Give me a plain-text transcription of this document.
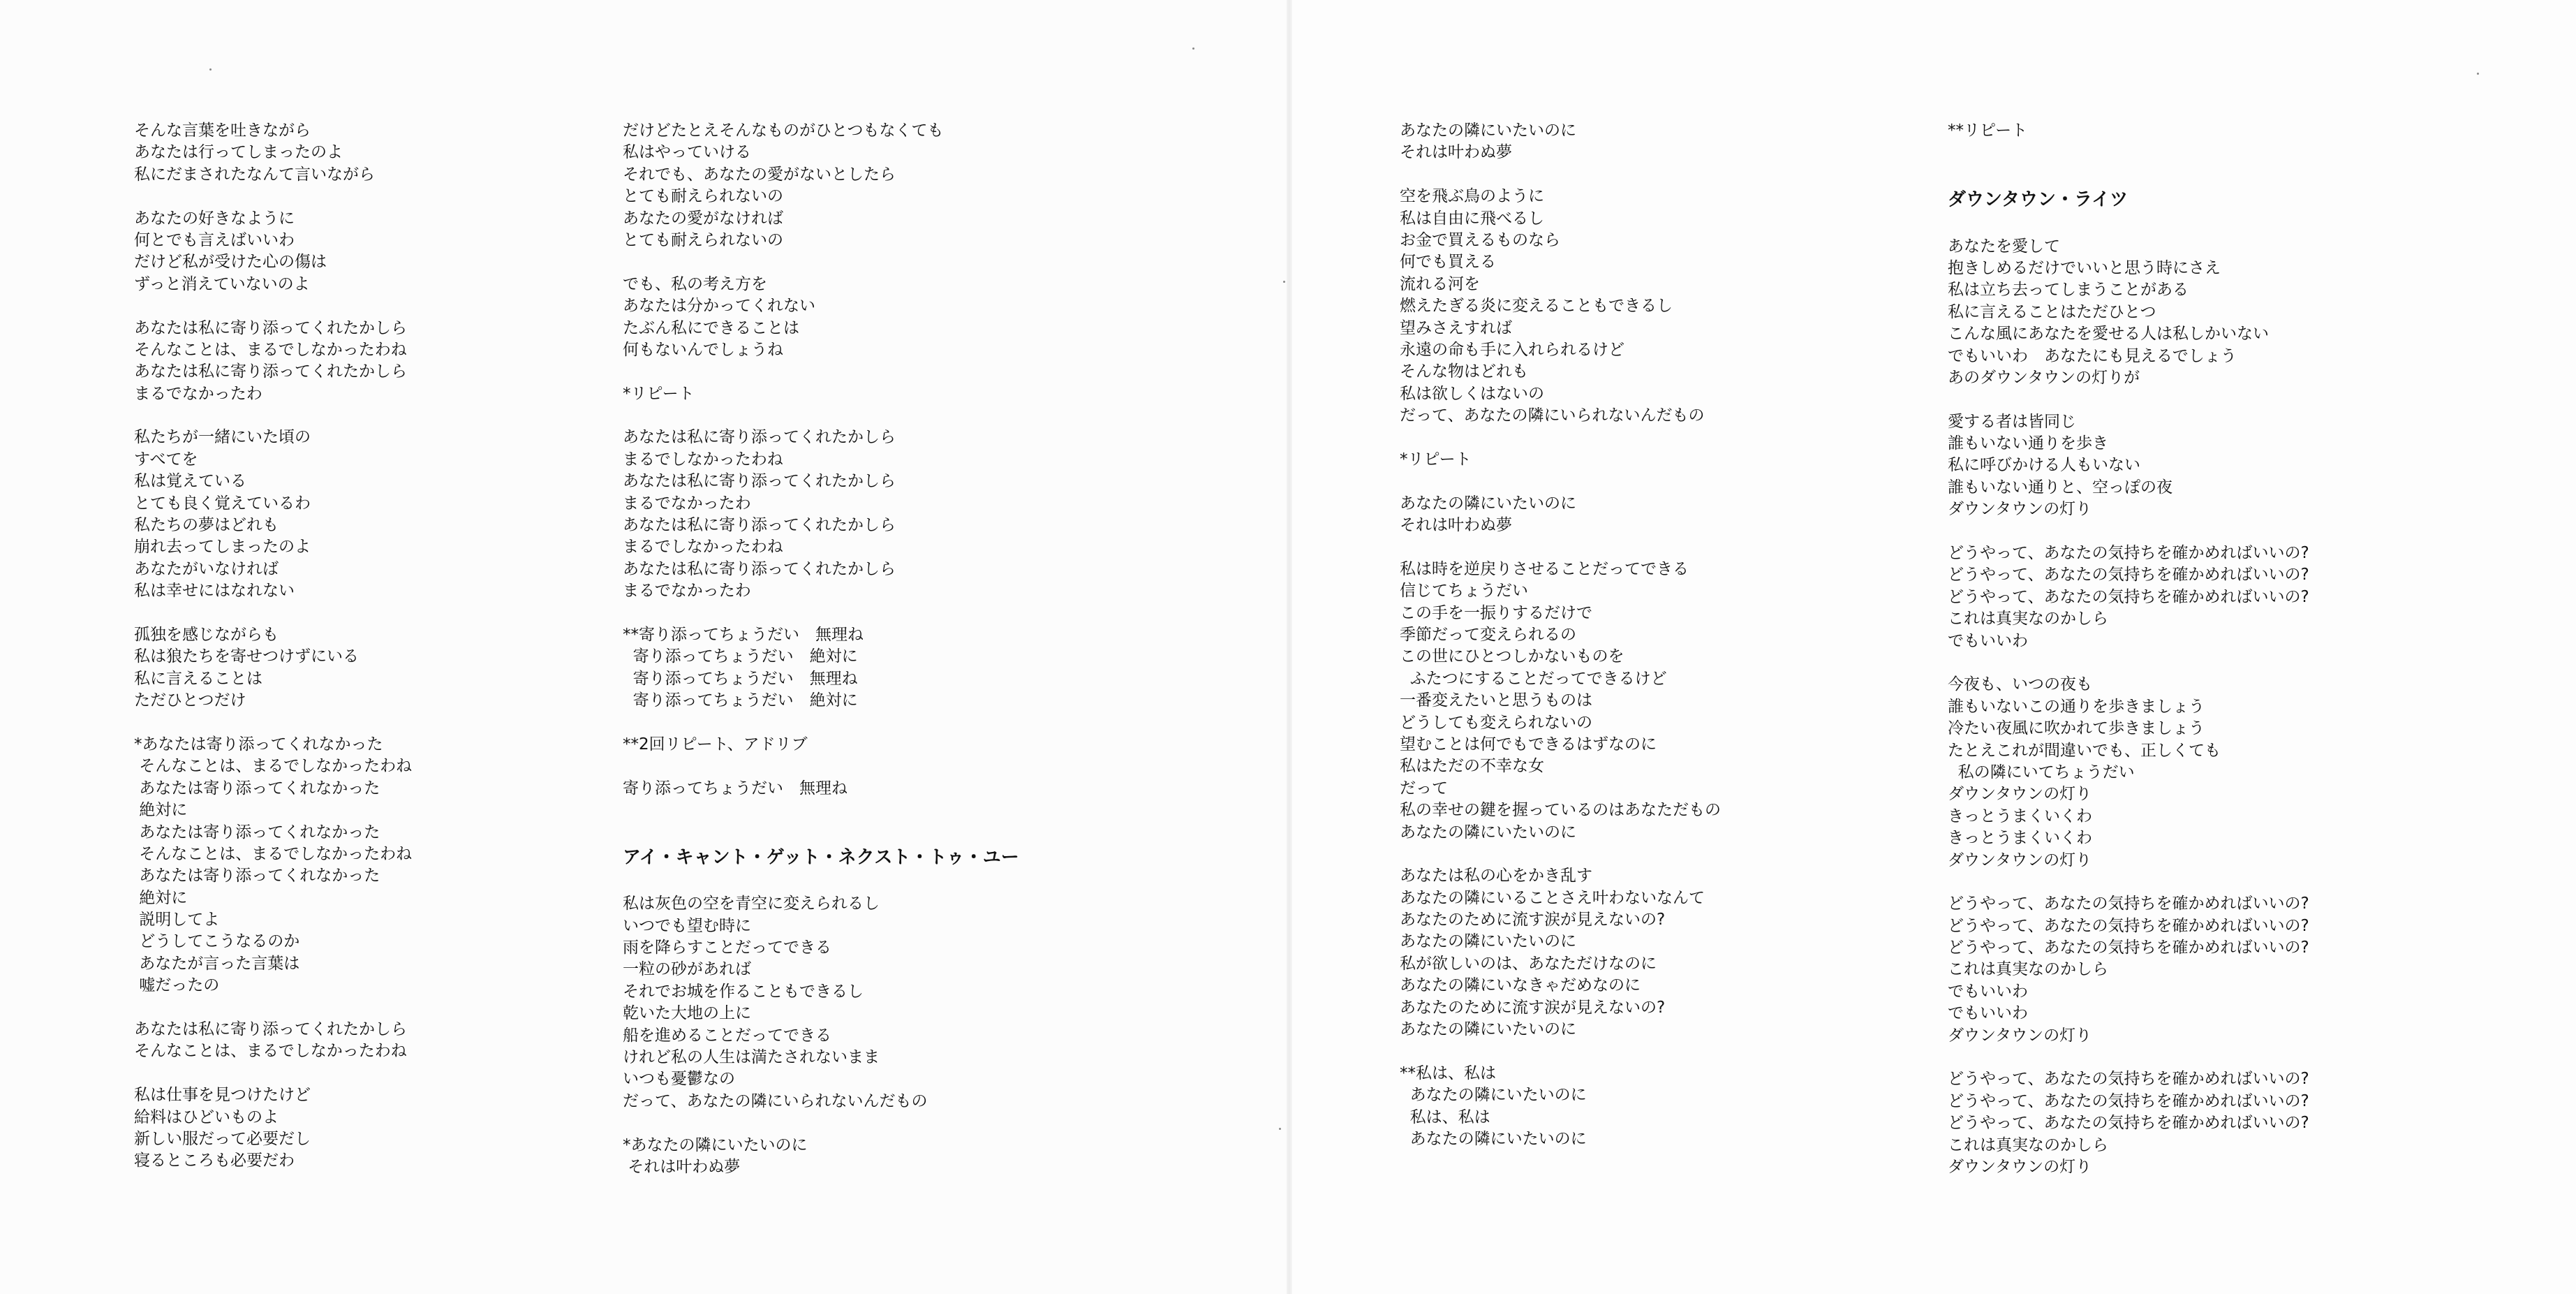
そんな言葉を吐きながら
あなたは行ってしまったのよ
私にだまされたなんて言いながら
あなたの好きなように
何とでも言えばいいわ
だけど私が受けた心の傷は
ずっと消えていないのよ
あなたは私に寄り添ってくれたかしら
そんなことは、まるでしなかったわね
あなたは私に寄り添ってくれたかしら
まるでなかったわ
私たちが一緒にいた頃の
すべてを
私は覚えている
とても良く覚えているわ
私たちの夢はどれも
崩れ去ってしまったのよ
あなたがいなければ
私は幸せにはなれない
孤独を感じながらも
私は狼たちを寄せつけずにいる
私に言えることは
ただひとつだけ
*あなたは寄り添ってくれなかった
そんなことは、まるでしなかったわね
あなたは寄り添ってくれなかった
絶対に
あなたは寄り添ってくれなかった
そんなことは、まるでしなかったわね
あなたは寄り添ってくれなかった
絶対に
説明してよ
どうしてこうなるのか
あなたが言った言葉は
嘘だったの
あなたは私に寄り添ってくれたかしら
そんなことは、まるでしなかったわね
私は仕事を見つけたけど
給料はひどいものよ
新しい服だって必要だし
寝るところも必要だわ
だけどたとえそんなものがひとつもなくても
私はやっていける
それでも、あなたの愛がないとしたら
とても耐えられないの
あなたの愛がなければ
とても耐えられないの
でも、私の考え方を
あなたは分かってくれない
たぶん私にできることは
何もないんでしょうね
*リピート
あなたは私に寄り添ってくれたかしら
まるでしなかったわね
あなたは私に寄り添ってくれたかしら
まるでなかったわ
あなたは私に寄り添ってくれたかしら
まるでしなかったわね
あなたは私に寄り添ってくれたかしら
まるでなかったわ
**寄り添ってちょうだい　無理ね
寄り添ってちょうだい　絶対に
寄り添ってちょうだい　無理ね
寄り添ってちょうだい　絶対に
**2回リピート、アドリブ
寄り添ってちょうだい　無理ね
アイ・キャント・ゲット・ネクスト・トゥ・ユー
私は灰色の空を青空に変えられるし
いつでも望む時に
雨を降らすことだってできる
一粒の砂があれば
それでお城を作ることもできるし
乾いた大地の上に
船を進めることだってできる
けれど私の人生は満たされないまま
いつも憂鬱なの
だって、あなたの隣にいられないんだもの
*あなたの隣にいたいのに
それは叶わぬ夢
あなたの隣にいたいのに
それは叶わぬ夢
空を飛ぶ鳥のように
私は自由に飛べるし
お金で買えるものなら
何でも買える
流れる河を
燃えたぎる炎に変えることもできるし
望みさえすれば
永遠の命も手に入れられるけど
そんな物はどれも
私は欲しくはないの
だって、あなたの隣にいられないんだもの
*リピート
あなたの隣にいたいのに
それは叶わぬ夢
私は時を逆戻りさせることだってできる
信じてちょうだい
この手を一振りするだけで
季節だって変えられるの
この世にひとつしかないものを
ふたつにすることだってできるけど
一番変えたいと思うものは
どうしても変えられないの
望むことは何でもできるはずなのに
私はただの不幸な女
だって
私の幸せの鍵を握っているのはあなただもの
あなたの隣にいたいのに
あなたは私の心をかき乱す
あなたの隣にいることさえ叶わないなんて
あなたのために流す涙が見えないの?
あなたの隣にいたいのに
私が欲しいのは、あなただけなのに
あなたの隣にいなきゃだめなのに
あなたのために流す涙が見えないの?
あなたの隣にいたいのに
**私は、私は
あなたの隣にいたいのに
私は、私は
あなたの隣にいたいのに
**リピート
ダウンタウン・ライツ
あなたを愛して
抱きしめるだけでいいと思う時にさえ
私は立ち去ってしまうことがある
私に言えることはただひとつ
こんな風にあなたを愛せる人は私しかいない
でもいいわ　あなたにも見えるでしょう
あのダウンタウンの灯りが
愛する者は皆同じ
誰もいない通りを歩き
私に呼びかける人もいない
誰もいない通りと、空っぽの夜
ダウンタウンの灯り
どうやって、あなたの気持ちを確かめればいいの?
どうやって、あなたの気持ちを確かめればいいの?
どうやって、あなたの気持ちを確かめればいいの?
これは真実なのかしら
でもいいわ
今夜も、いつの夜も
誰もいないこの通りを歩きましょう
冷たい夜風に吹かれて歩きましょう
たとえこれが間違いでも、正しくても
私の隣にいてちょうだい
ダウンタウンの灯り
きっとうまくいくわ
きっとうまくいくわ
ダウンタウンの灯り
どうやって、あなたの気持ちを確かめればいいの?
どうやって、あなたの気持ちを確かめればいいの?
どうやって、あなたの気持ちを確かめればいいの?
これは真実なのかしら
でもいいわ
でもいいわ
ダウンタウンの灯り
どうやって、あなたの気持ちを確かめればいいの?
どうやって、あなたの気持ちを確かめればいいの?
どうやって、あなたの気持ちを確かめればいいの?
これは真実なのかしら
ダウンタウンの灯り
